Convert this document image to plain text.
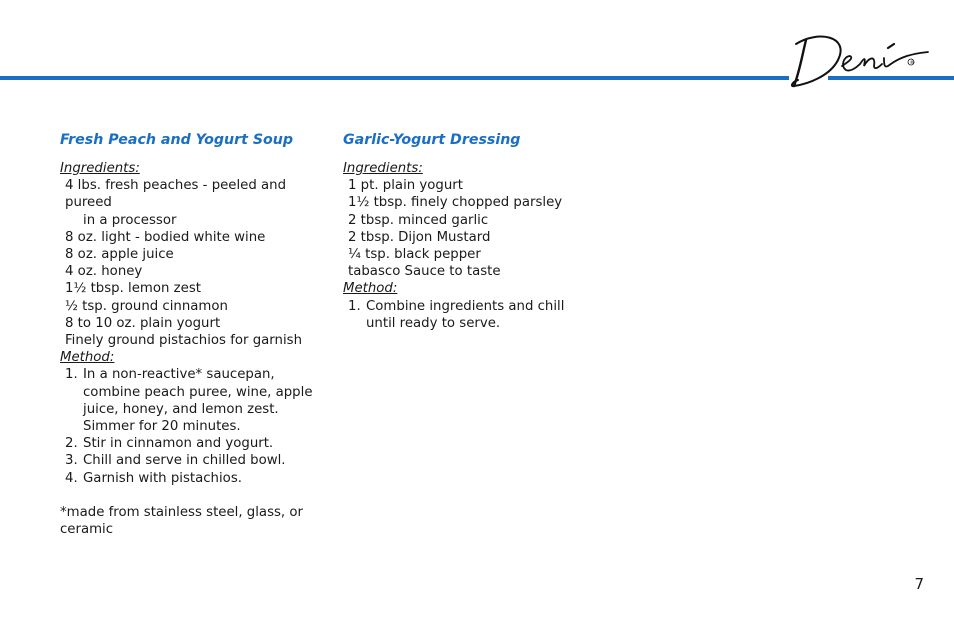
®
Fresh Peach and Yogurt Soup

Ingredients:

4 lbs. fresh peaches - peeled and pureed
in a processor
8 oz. light - bodied white wine
8 oz. apple juice
4 oz. honey
1½ tbsp. lemon zest
½ tsp. ground cinnamon
8 to 10 oz. plain yogurt
Finely ground pistachios for garnish

Method:

1. In a non-reactive* saucepan, combine peach puree, wine, apple juice, honey, and lemon zest. Simmer for 20 minutes.
2. Stir in cinnamon and yogurt.
3. Chill and serve in chilled bowl.
4. Garnish with pistachios.

*made from stainless steel, glass, or ceramic

Garlic-Yogurt Dressing

Ingredients:

1 pt. plain yogurt
1½ tbsp. finely chopped parsley
2 tbsp. minced garlic
2 tbsp. Dijon Mustard
¼ tsp. black pepper
tabasco Sauce to taste

Method:

1. Combine ingredients and chill until ready to serve.
7
